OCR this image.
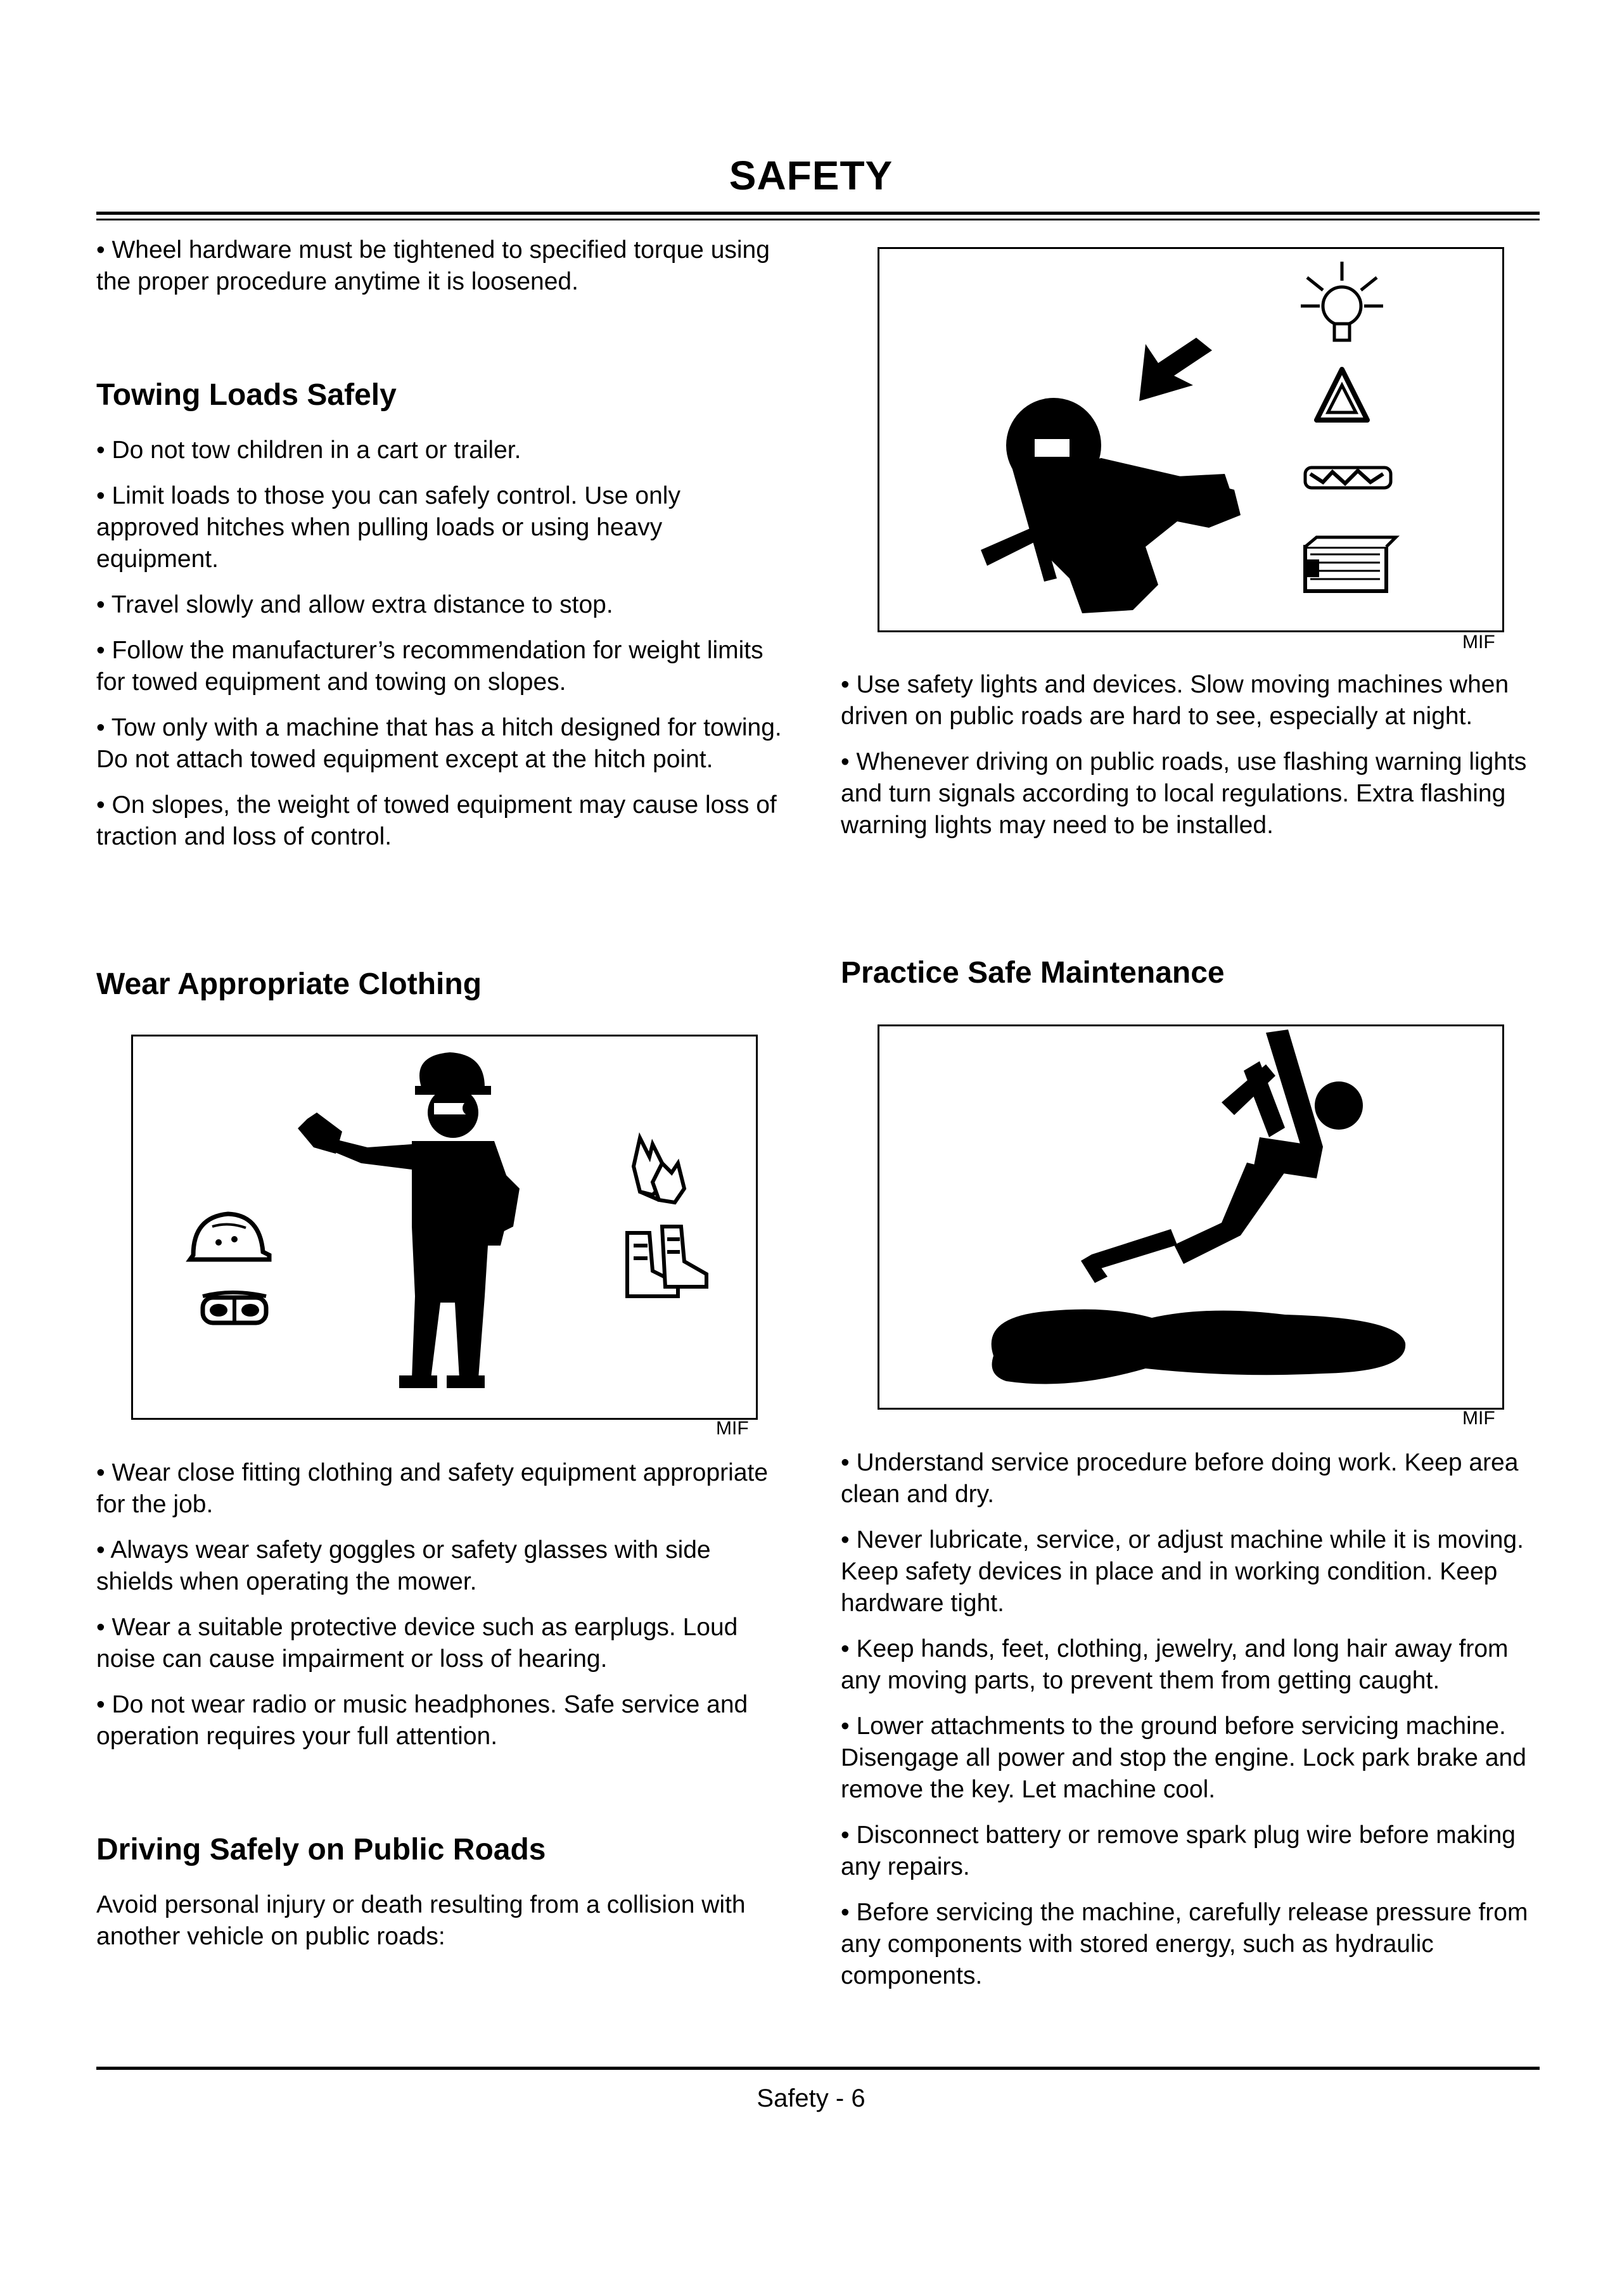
SAFETY

• Wheel hardware must be tightened to specified torque using the proper procedure anytime it is loosened.

Towing Loads Safely

• Do not tow children in a cart or trailer.

• Limit loads to those you can safely control. Use only approved hitches when pulling loads or using heavy equipment.

• Travel slowly and allow extra distance to stop.

• Follow the manufacturer’s recommendation for weight limits for towed equipment and towing on slopes.

• Tow only with a machine that has a hitch designed for towing. Do not attach towed equipment except at the hitch point.

• On slopes, the weight of towed equipment may cause loss of traction and loss of control.

Wear Appropriate Clothing
MIF

• Wear close fitting clothing and safety equipment appropriate for the job.

• Always wear safety goggles or safety glasses with side shields when operating the mower.

• Wear a suitable protective device such as earplugs. Loud noise can cause impairment or loss of hearing.

• Do not wear radio or music headphones. Safe service and operation requires your full attention.

Driving Safely on Public Roads

Avoid personal injury or death resulting from a collision with another vehicle on public roads:

MIF

• Use safety lights and devices. Slow moving machines when driven on public roads are hard to see, especially at night.

• Whenever driving on public roads, use flashing warning lights and turn signals according to local regulations. Extra flashing warning lights may need to be installed.

Practice Safe Maintenance
MIF

• Understand service procedure before doing work. Keep area clean and dry.

• Never lubricate, service, or adjust machine while it is moving. Keep safety devices in place and in working condition. Keep hardware tight.

• Keep hands, feet, clothing, jewelry, and long hair away from any moving parts, to prevent them from getting caught.

• Lower attachments to the ground before servicing machine. Disengage all power and stop the engine. Lock park brake and remove the key. Let machine cool.

• Disconnect battery or remove spark plug wire before making any repairs.

• Before servicing the machine, carefully release pressure from any components with stored energy, such as hydraulic components.

Safety - 6
